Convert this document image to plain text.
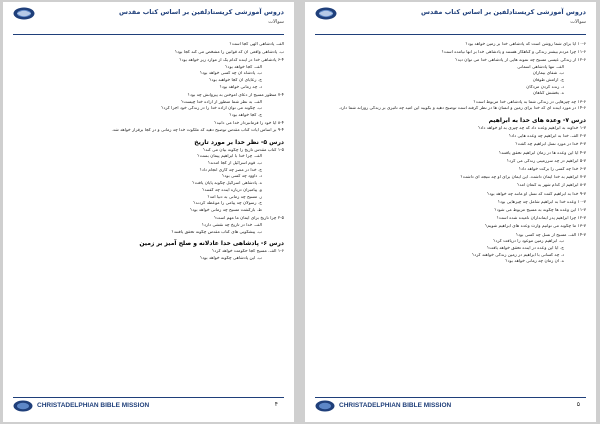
دروس آموزشی کریستادلفین بر اساس کتاب مقدس
سوالات
الف. پادشاهی الهی کجا است؟
ب. پادشاهی واقعی آن که قوانین را مشخص می کند کجا بود؟
۶-۴ پادشاهی خدا در آینده کدام یک از موارد زیر خواهد بود؟
الف. کجا خواهد بود؟
ب. پادشاه آن چه کسی خواهد بود؟
ج. رعایای آن کجا خواهند بود؟
د. چه زمانی خواهد بود؟
۷-۴ منظور مسیح از دعای آموختن به پیروانش چه بود؟
الف. به نظر شما منظور از اراده خدا چیست؟
ب. چگونه می توان اراده خدا را در زندگی خود اجرا کرد؟
ج. کجا خواهد بود؟
۸-۴ آیا خود را فرمانبردار خدا می دانید؟
۹-۴ بر اساس آیات کتاب مقدس توضیح دهید که ملکوت خدا چه زمانی و در کجا برقرار خواهد شد.
درس ۵- نظر خدا بر مورد تاریخ
۱-۵ کتاب مقدس تاریخ را چگونه بیان می کند؟
الف. چرا خدا با ابراهیم پیمان بست؟
ب. قوم اسرائیل از کجا آمدند؟
ج. خدا در مصر چه کاری انجام داد؟
د. داوود چه کسی بود؟
ه. پادشاهی اسرائیل چگونه پایان یافت؟
و. پیامبران درباره آینده چه گفتند؟
ز. مسیح چه زمانی به دنیا آمد؟
ح. رسولان چه پیامی را موعظه کردند؟
ط. بازگشت مسیح چه زمانی خواهد بود؟
۲-۵ چرا تاریخ برای ایمان ما مهم است؟
الف. خدا در تاریخ چه نقشی دارد؟
ب. پیشگویی های کتاب مقدس چگونه تحقق یافتند؟
درس ۶- پادشاهی خدا عادلانه و صلح آمیز بر زمین
۱-۶ الف. مسیح کجا حکومت خواهد کرد؟
ب. این پادشاهی چگونه خواهد بود؟
CHRISTADELPHIAN BIBLE MISSION	۴
دروس آموزشی کریستادلفین بر اساس کتاب مقدس
سوالات
۱۰-۶ آیا برای شما روشن است که پادشاهی خدا بر زمین خواهد بود؟
۱۱-۶ چرا مردم بیشتر زندگی و گناهکار هستند و پادشاهی خدا بر آنها نیامده است؟
۱۲-۶ از زندگی عیسی مسیح چه نمونه هایی از پادشاهی خدا می توان دید؟
الف. تنها پادشاهی آسمانی
ب. شفای بیماران
ج. آرامش طوفان
د. زنده کردن مردگان
ه. بخشش گناهان
۱۳-۶ چه چیزهایی در زندگی شما به پادشاهی خدا مربوط است؟
۱۴-۶ در مورد آینده ای که خدا برای زمین و انسان ها در نظر گرفته است توضیح دهید و بگویید این امید چه تاثیری بر زندگی روزانه شما دارد.
درس ۷- وعده های خدا به ابراهیم
۱-۷ خداوند به ابراهیم وعده داد که چه چیزی به او خواهد داد؟
۲-۷ الف. خدا به ابراهیم چه وعده هایی داد؟
۳-۷ خدا در مورد نسل ابراهیم چه گفت؟
۴-۷ آیا این وعده ها در زمان ابراهیم تحقق یافتند؟
۵-۷ ابراهیم در چه سرزمینی زندگی می کرد؟
۶-۷ خدا چه کسی را برکت خواهد داد؟
۷-۷ ابراهیم به خدا ایمان داشت. این ایمان برای او چه نتیجه ای داشت؟
۸-۷ ابراهیم از کدام شهر به کنعان آمد؟
۹-۷ خدا به ابراهیم گفت که نسل او مانند چه خواهد بود؟
۱۰-۷ وعده خدا به ابراهیم شامل چه چیزهایی بود؟
۱۱-۷ این وعده ها چگونه به مسیح مربوط می شود؟
۱۲-۷ چرا ابراهیم پدر ایمانداران نامیده شده است؟
۱۳-۷ ما چگونه می توانیم وارث وعده های ابراهیم شویم؟
۱۴-۷ الف. مسیح از نسل چه کسی بود؟
ب. ابراهیم زمین موعود را دریافت کرد؟
ج. آیا این وعده در آینده تحقق خواهد یافت؟
د. چه کسانی با ابراهیم در زمین زندگی خواهند کرد؟
ه. آن زمان چه زمانی خواهد بود؟
CHRISTADELPHIAN BIBLE MISSION	۵
